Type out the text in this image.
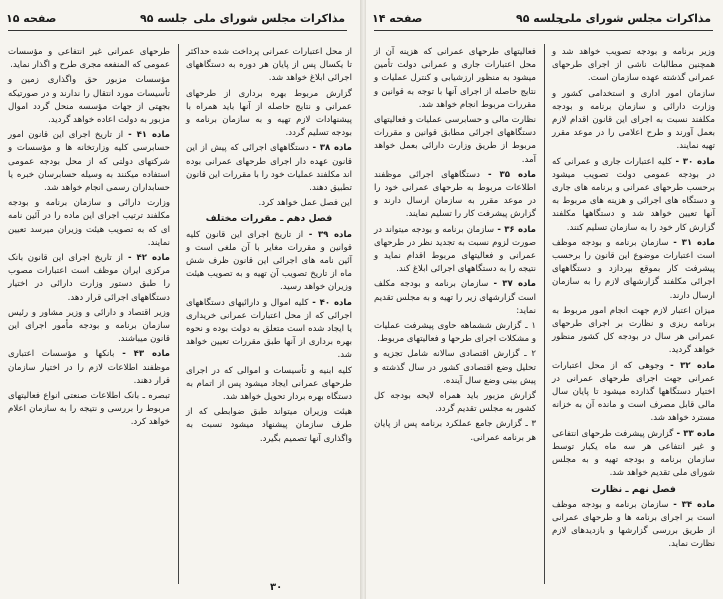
مذاکرات مجلس شورای ملی
جلسه ۹۵
صفحه ۱۵	مذاکرات مجلس شورای ملی
جلسه ۹۵
صفحه ۱۴

طرحهای عمرانی غیر انتفاعی و مؤسسات عمومی که المنفعه مجری طرح و اگذار نماید.

مؤسسات مزبور حق واگذاری زمین و تأسیسات مورد انتقال را ندارند و در صورتیکه بجهتی از جهات مؤسسه منحل گردد اموال مزبور به دولت اعاده خواهد گردید.

ماده ۴۱ - از تاریخ اجرای این قانون امور حسابرسی کلیه وزارتخانه ها و مؤسسات و شرکتهای دولتی که از محل بودجه عمومی استفاده میکنند به وسیله حسابرسان خبره یا حسابداران رسمی انجام خواهد شد.

وزارت دارائی و سازمان برنامه و بودجه مکلفند ترتیب اجرای این ماده را در آئین نامه ای که به تصویب هیئت وزیران میرسد تعیین نمایند.

ماده ۴۲ - از تاریخ اجرای این قانون بانک مرکزی ایران موظف است اعتبارات مصوب را طبق دستور وزارت دارائی در اختیار دستگاههای اجرائی قرار دهد.

وزیر اقتصاد و دارائی و وزیر مشاور و رئیس سازمان برنامه و بودجه مأمور اجرای این قانون میباشند.

ماده ۴۳ - بانکها و مؤسسات اعتباری موظفند اطلاعات لازم را در اختیار سازمان قرار دهند.

تبصره ـ بانک اطلاعات صنعتی انواع فعالیتهای مربوط را بررسی و نتیجه را به سازمان اعلام خواهد کرد.

از محل اعتبارات عمرانی پرداخت شده حداکثر تا یکسال پس از پایان هر دوره به دستگاههای اجرائی ابلاغ خواهد شد.

گزارش مربوط بهره برداری از طرحهای عمرانی و نتایج حاصله از آنها باید همراه با پیشنهادات لازم تهیه و به سازمان برنامه و بودجه تسلیم گردد.

ماده ۳۸ - دستگاههای اجرائی که پیش از این قانون عهده دار اجرای طرحهای عمرانی بوده اند مکلفند عملیات خود را با مقررات این قانون تطبیق دهند.

این فصل عمل خواهد کرد.

فصل دهم ـ مقررات مختلف

ماده ۳۹ - از تاریخ اجرای این قانون کلیه قوانین و مقررات مغایر با آن ملغی است و آئین نامه های اجرائی این قانون ظرف شش ماه از تاریخ تصویب آن تهیه و به تصویب هیئت وزیران خواهد رسید.

ماده ۴۰ - کلیه اموال و دارائیهای دستگاههای اجرائی که از محل اعتبارات عمرانی خریداری یا ایجاد شده است متعلق به دولت بوده و نحوه بهره برداری از آنها طبق مقررات تعیین خواهد شد.

کلیه ابنیه و تأسیسات و اموالی که در اجرای طرحهای عمرانی ایجاد میشود پس از اتمام به دستگاه بهره بردار تحویل خواهد شد.

هیئت وزیران میتواند طبق ضوابطی که از طرف سازمان پیشنهاد میشود نسبت به واگذاری آنها تصمیم بگیرد.

فعالیتهای طرحهای عمرانی که هزینه آن از محل اعتبارات جاری و عمرانی دولت تأمین میشود به منظور ارزشیابی و کنترل عملیات و نتایج حاصله از اجرای آنها با توجه به قوانین و مقررات مربوط انجام خواهد شد.

نظارت مالی و حسابرسی عملیات و فعالیتهای دستگاههای اجرائی مطابق قوانین و مقررات مربوط از طریق وزارت دارائی بعمل خواهد آمد.

ماده ۳۵ - دستگاههای اجرائی موظفند اطلاعات مربوط به طرحهای عمرانی خود را در موعد مقرر به سازمان ارسال دارند و گزارش پیشرفت کار را تسلیم نمایند.

ماده ۳۶ - سازمان برنامه و بودجه میتواند در صورت لزوم نسبت به تجدید نظر در طرحهای عمرانی و فعالیتهای مربوط اقدام نماید و نتیجه را به دستگاههای اجرائی ابلاغ کند.

ماده ۳۷ - سازمان برنامه و بودجه مکلف است گزارشهای زیر را تهیه و به مجلس تقدیم نماید:

۱ ـ گزارش ششماهه حاوی پیشرفت عملیات و مشکلات اجرای طرحها و فعالیتهای مربوط.

۲ ـ گزارش اقتصادی سالانه شامل تجزیه و تحلیل وضع اقتصادی کشور در سال گذشته و پیش بینی وضع سال آینده.

گزارش مزبور باید همراه لایحه بودجه کل کشور به مجلس تقدیم گردد.

۳ ـ گزارش جامع عملکرد برنامه پس از پایان هر برنامه عمرانی.

وزیر برنامه و بودجه تصویب خواهد شد و همچنین مطالبات ناشی از اجرای طرحهای عمرانی گذشته عهده سازمان است.

سازمان امور اداری و استخدامی کشور و وزارت دارائی و سازمان برنامه و بودجه مکلفند نسبت به اجرای این قانون اقدام لازم بعمل آورند و طرح اعلامی را در موعد مقرر تهیه نمایند.

ماده ۳۰ - کلیه اعتبارات جاری و عمرانی که در بودجه عمومی دولت تصویب میشود برحسب طرحهای عمرانی و برنامه های جاری و دستگاه های اجرائی و هزینه های مربوط به آنها تعیین خواهد شد و دستگاهها مکلفند گزارش کار خود را به سازمان تسلیم کنند.

ماده ۳۱ - سازمان برنامه و بودجه موظف است اعتبارات موضوع این قانون را برحسب پیشرفت کار بموقع بپردازد و دستگاههای اجرائی مکلفند گزارشهای لازم را به سازمان ارسال دارند.

میزان اعتبار لازم جهت انجام امور مربوط به برنامه ریزی و نظارت بر اجرای طرحهای عمرانی هر سال در بودجه کل کشور منظور خواهد گردید.

ماده ۳۲ - وجوهی که از محل اعتبارات عمرانی جهت اجرای طرحهای عمرانی در اختیار دستگاهها گذارده میشود تا پایان سال مالی قابل مصرف است و مانده آن به خزانه مسترد خواهد شد.

ماده ۳۳ - گزارش پیشرفت طرحهای انتفاعی و غیر انتفاعی هر سه ماه یکبار توسط سازمان برنامه و بودجه تهیه و به مجلس شورای ملی تقدیم خواهد شد.

فصل نهم ـ نظارت

ماده ۳۴ - سازمان برنامه و بودجه موظف است بر اجرای برنامه ها و طرحهای عمرانی از طریق بررسی گزارشها و بازدیدهای لازم نظارت نماید.

۳۰
